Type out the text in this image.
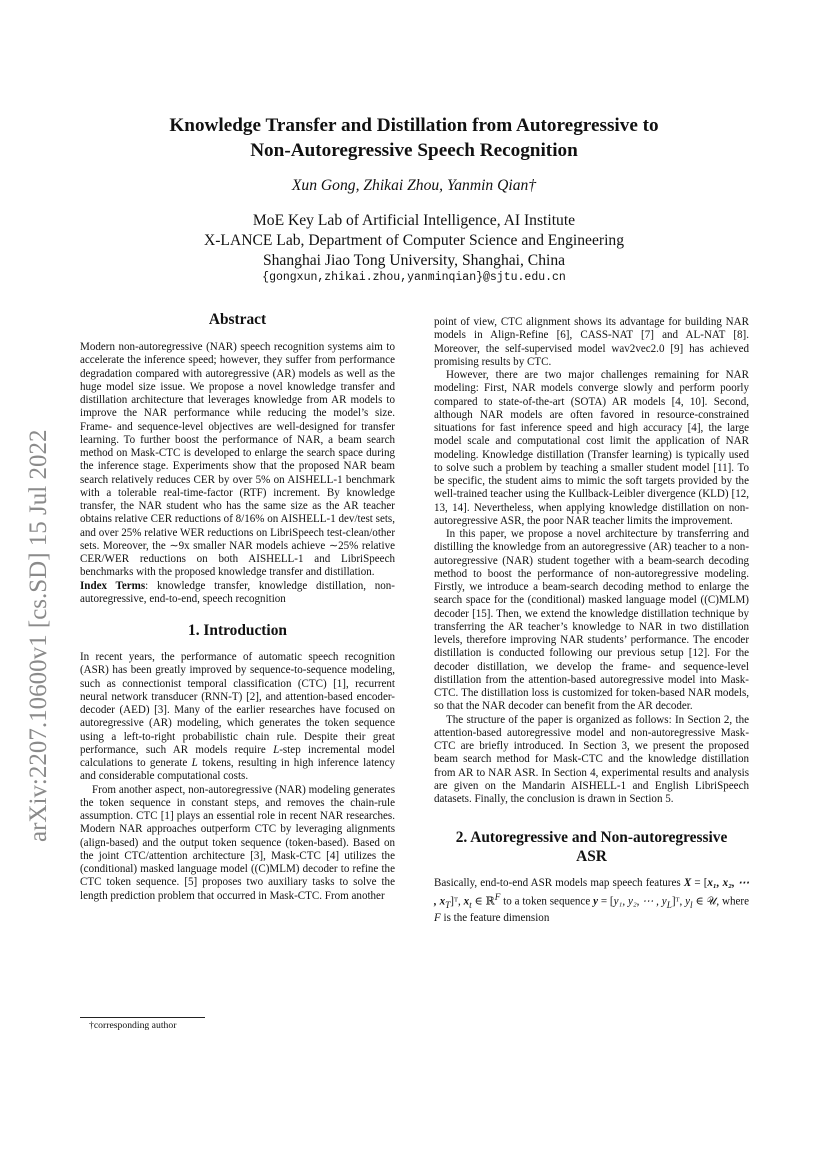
arXiv:2207.10600v1 [cs.SD] 15 Jul 2022
Knowledge Transfer and Distillation from Autoregressive to
Non-Autoregressive Speech Recognition
Xun Gong, Zhikai Zhou, Yanmin Qian†
MoE Key Lab of Artificial Intelligence, AI Institute
X-LANCE Lab, Department of Computer Science and Engineering
Shanghai Jiao Tong University, Shanghai, China
{gongxun,zhikai.zhou,yanminqian}@sjtu.edu.cn
Abstract

Modern non-autoregressive (NAR) speech recognition systems aim to accelerate the inference speed; however, they suffer from performance degradation compared with autoregressive (AR) models as well as the huge model size issue. We propose a novel knowledge transfer and distillation architecture that leverages knowledge from AR models to improve the NAR performance while reducing the model’s size. Frame- and sequence-level objectives are well-designed for transfer learning. To further boost the performance of NAR, a beam search method on Mask-CTC is developed to enlarge the search space during the inference stage. Experiments show that the proposed NAR beam search relatively reduces CER by over 5% on AISHELL-1 benchmark with a tolerable real-time-factor (RTF) increment. By knowledge transfer, the NAR student who has the same size as the AR teacher obtains relative CER reductions of 8/16% on AISHELL-1 dev/test sets, and over 25% relative WER reductions on LibriSpeech test-clean/other sets. Moreover, the ∼9x smaller NAR models achieve ∼25% relative CER/WER reductions on both AISHELL-1 and LibriSpeech benchmarks with the proposed knowledge transfer and distillation.

Index Terms: knowledge transfer, knowledge distillation, non-autoregressive, end-to-end, speech recognition

1. Introduction

In recent years, the performance of automatic speech recognition (ASR) has been greatly improved by sequence-to-sequence modeling, such as connectionist temporal classification (CTC) [1], recurrent neural network transducer (RNN-T) [2], and attention-based encoder-decoder (AED) [3]. Many of the earlier researches have focused on autoregressive (AR) modeling, which generates the token sequence using a left-to-right probabilistic chain rule. Despite their great performance, such AR models require L-step incremental model calculations to generate L tokens, resulting in high inference latency and considerable computational costs.

From another aspect, non-autoregressive (NAR) modeling generates the token sequence in constant steps, and removes the chain-rule assumption. CTC [1] plays an essential role in recent NAR researches. Modern NAR approaches outperform CTC by leveraging alignments (align-based) and the output token sequence (token-based). Based on the joint CTC/attention architecture [3], Mask-CTC [4] utilizes the (conditional) masked language model ((C)MLM) decoder to refine the CTC token sequence. [5] proposes two auxiliary tasks to solve the length prediction problem that occurred in Mask-CTC. From another

†corresponding author

point of view, CTC alignment shows its advantage for building NAR models in Align-Refine [6], CASS-NAT [7] and AL-NAT [8]. Moreover, the self-supervised model wav2vec2.0 [9] has achieved promising results by CTC.

However, there are two major challenges remaining for NAR modeling: First, NAR models converge slowly and perform poorly compared to state-of-the-art (SOTA) AR models [4, 10]. Second, although NAR models are often favored in resource-constrained situations for fast inference speed and high accuracy [4], the large model scale and computational cost limit the application of NAR modeling. Knowledge distillation (Transfer learning) is typically used to solve such a problem by teaching a smaller student model [11]. To be specific, the student aims to mimic the soft targets provided by the well-trained teacher using the Kullback-Leibler divergence (KLD) [12, 13, 14]. Nevertheless, when applying knowledge distillation on non-autoregressive ASR, the poor NAR teacher limits the improvement.

In this paper, we propose a novel architecture by transferring and distilling the knowledge from an autoregressive (AR) teacher to a non-autoregressive (NAR) student together with a beam-search decoding method to boost the performance of non-autoregressive modeling. Firstly, we introduce a beam-search decoding method to enlarge the search space for the (conditional) masked language model ((C)MLM) decoder [15]. Then, we extend the knowledge distillation technique by transferring the AR teacher’s knowledge to NAR in two distillation levels, therefore improving NAR students’ performance. The encoder distillation is conducted following our previous setup [12]. For the decoder distillation, we develop the frame- and sequence-level distillation from the attention-based autoregressive model into Mask-CTC. The distillation loss is customized for token-based NAR models, so that the NAR decoder can benefit from the AR decoder.

The structure of the paper is organized as follows: In Section 2, the attention-based autoregressive model and non-autoregressive Mask-CTC are briefly introduced. In Section 3, we present the proposed beam search method for Mask-CTC and the knowledge distillation from AR to NAR ASR. In Section 4, experimental results and analysis are given on the Mandarin AISHELL-1 and English LibriSpeech datasets. Finally, the conclusion is drawn in Section 5.

2. Autoregressive and Non-autoregressive
ASR

Basically, end-to-end ASR models map speech features X = [x₁, x₂, ⋯ , $x_T]ᵀ$, $x_t$ ∈ ℝ$^F$ to a token sequence y = [y₁, y₂, ⋯ , $y_L]ᵀ$, $y_l$ ∈ 𝒰, where F is the feature dimension
